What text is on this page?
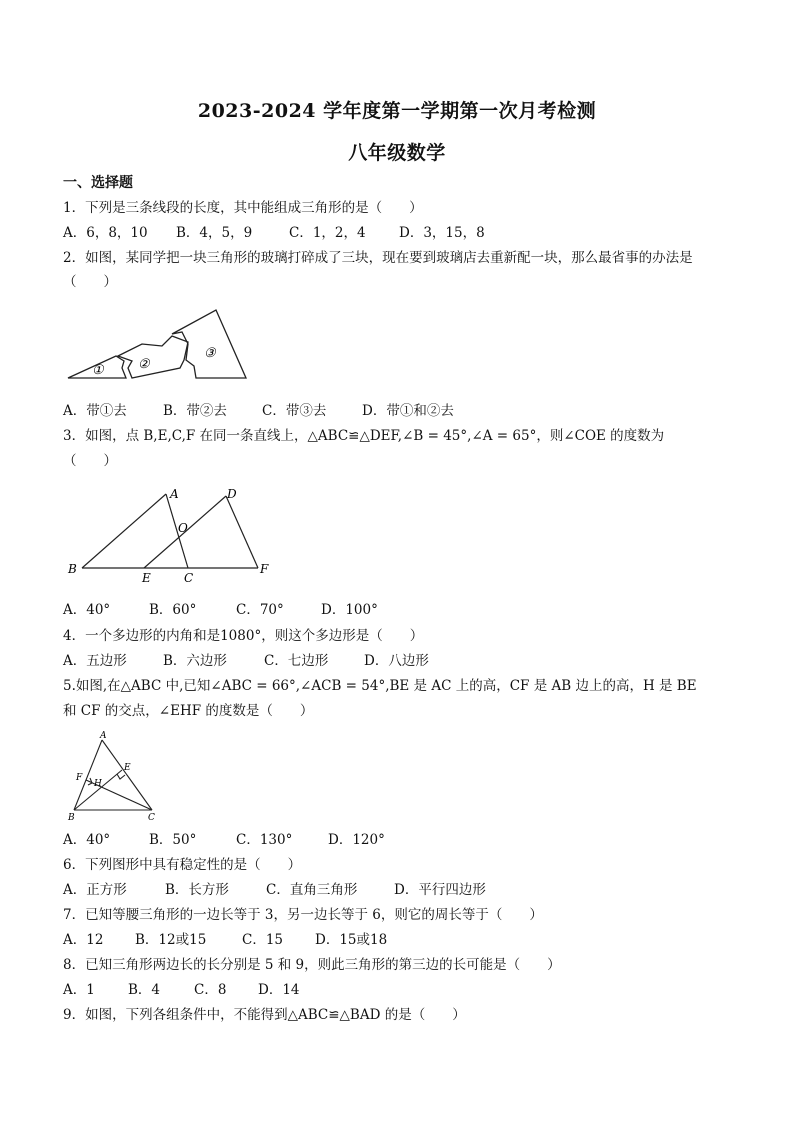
2023-2024 学年度第一学期第一次月考检测
八年级数学
一、选择题
1．下列是三条线段的长度，其中能组成三角形的是（　　）
A．6，8，10 B．4，5，9	C．1，2，4 D．3，15，8
2．如图，某同学把一块三角形的玻璃打碎成了三块，现在要到玻璃店去重新配一块，那么最省事的办法是
（　　）
①	②
③
A．带①去	B．带②去	C．带③去	D．带①和②去
3．如图，点 B,E,C,F 在同一条直线上，△ABC≌△DEF,∠B = 45°,∠A = 65°，则∠COE 的度数为
（　　）
A
B
C
D
E
F
O
A．40°	B．60°	C．70°	D．100°
4．一个多边形的内角和是1080°，则这个多边形是（　　）
A．五边形	B．六边形	C．七边形	D．八边形
5.如图,在△ABC 中,已知∠ABC = 66°,∠ACB = 54°,BE 是 AC 上的高，CF 是 AB 边上的高，H 是 BE
和 CF 的交点，∠EHF 的度数是（　　）
A
B	C
E
F
H
A．40°	B．50°	C．130°	D．120°
6．下列图形中具有稳定性的是（　　）
A．正方形	B．长方形	C．直角三角形	D．平行四边形
7．已知等腰三角形的一边长等于 3，另一边长等于 6，则它的周长等于（　　）
A．12 B．12或15	C．15 D．15或18
8．已知三角形两边长的长分别是 5 和 9，则此三角形的第三边的长可能是（　　）
A．1 B．4	C．8 D．14
9．如图，下列各组条件中，不能得到△ABC≌△BAD 的是（　　）
